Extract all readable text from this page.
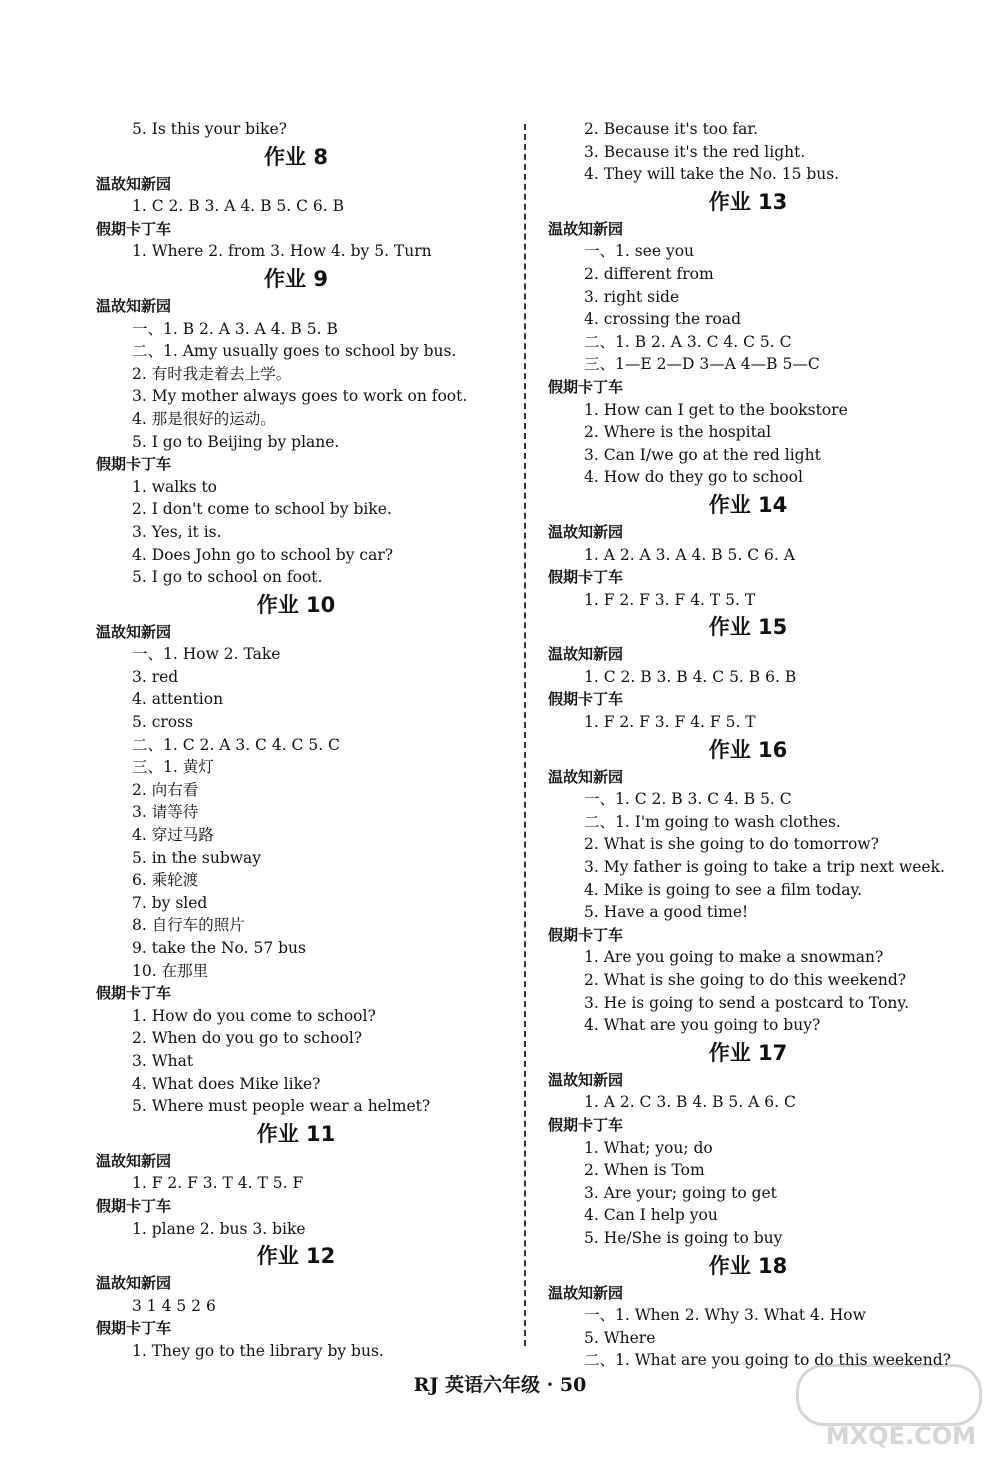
5. Is this your bike?
作业 8
温故知新园
1. C 2. B 3. A 4. B 5. C 6. B
假期卡丁车
1. Where 2. from 3. How 4. by 5. Turn
作业 9
温故知新园
一、1. B 2. A 3. A 4. B 5. B
二、1. Amy usually goes to school by bus.
2. 有时我走着去上学。
3. My mother always goes to work on foot.
4. 那是很好的运动。
5. I go to Beijing by plane.
假期卡丁车
1. walks to
2. I don't come to school by bike.
3. Yes, it is.
4. Does John go to school by car?
5. I go to school on foot.
作业 10
温故知新园
一、1. How 2. Take
3. red
4. attention
5. cross
二、1. C 2. A 3. C 4. C 5. C
三、1. 黄灯
2. 向右看
3. 请等待
4. 穿过马路
5. in the subway
6. 乘轮渡
7. by sled
8. 自行车的照片
9. take the No. 57 bus
10. 在那里
假期卡丁车
1. How do you come to school?
2. When do you go to school?
3. What
4. What does Mike like?
5. Where must people wear a helmet?
作业 11
温故知新园
1. F 2. F 3. T 4. T 5. F
假期卡丁车
1. plane 2. bus 3. bike
作业 12
温故知新园
3 1 4 5 2 6
假期卡丁车
1. They go to the library by bus.
2. Because it's too far.
3. Because it's the red light.
4. They will take the No. 15 bus.
作业 13
温故知新园
一、1. see you
2. different from
3. right side
4. crossing the road
二、1. B 2. A 3. C 4. C 5. C
三、1—E 2—D 3—A 4—B 5—C
假期卡丁车
1. How can I get to the bookstore
2. Where is the hospital
3. Can I/we go at the red light
4. How do they go to school
作业 14
温故知新园
1. A 2. A 3. A 4. B 5. C 6. A
假期卡丁车
1. F 2. F 3. F 4. T 5. T
作业 15
温故知新园
1. C 2. B 3. B 4. C 5. B 6. B
假期卡丁车
1. F 2. F 3. F 4. F 5. T
作业 16
温故知新园
一、1. C 2. B 3. C 4. B 5. C
二、1. I'm going to wash clothes.
2. What is she going to do tomorrow?
3. My father is going to take a trip next week.
4. Mike is going to see a film today.
5. Have a good time!
假期卡丁车
1. Are you going to make a snowman?
2. What is she going to do this weekend?
3. He is going to send a postcard to Tony.
4. What are you going to buy?
作业 17
温故知新园
1. A 2. C 3. B 4. B 5. A 6. C
假期卡丁车
1. What; you; do
2. When is Tom
3. Are your; going to get
4. Can I help you
5. He/She is going to buy
作业 18
温故知新园
一、1. When 2. Why 3. What 4. How
5. Where
二、1. What are you going to do this weekend?
RJ 英语六年级 · 50
MXQE.COM
